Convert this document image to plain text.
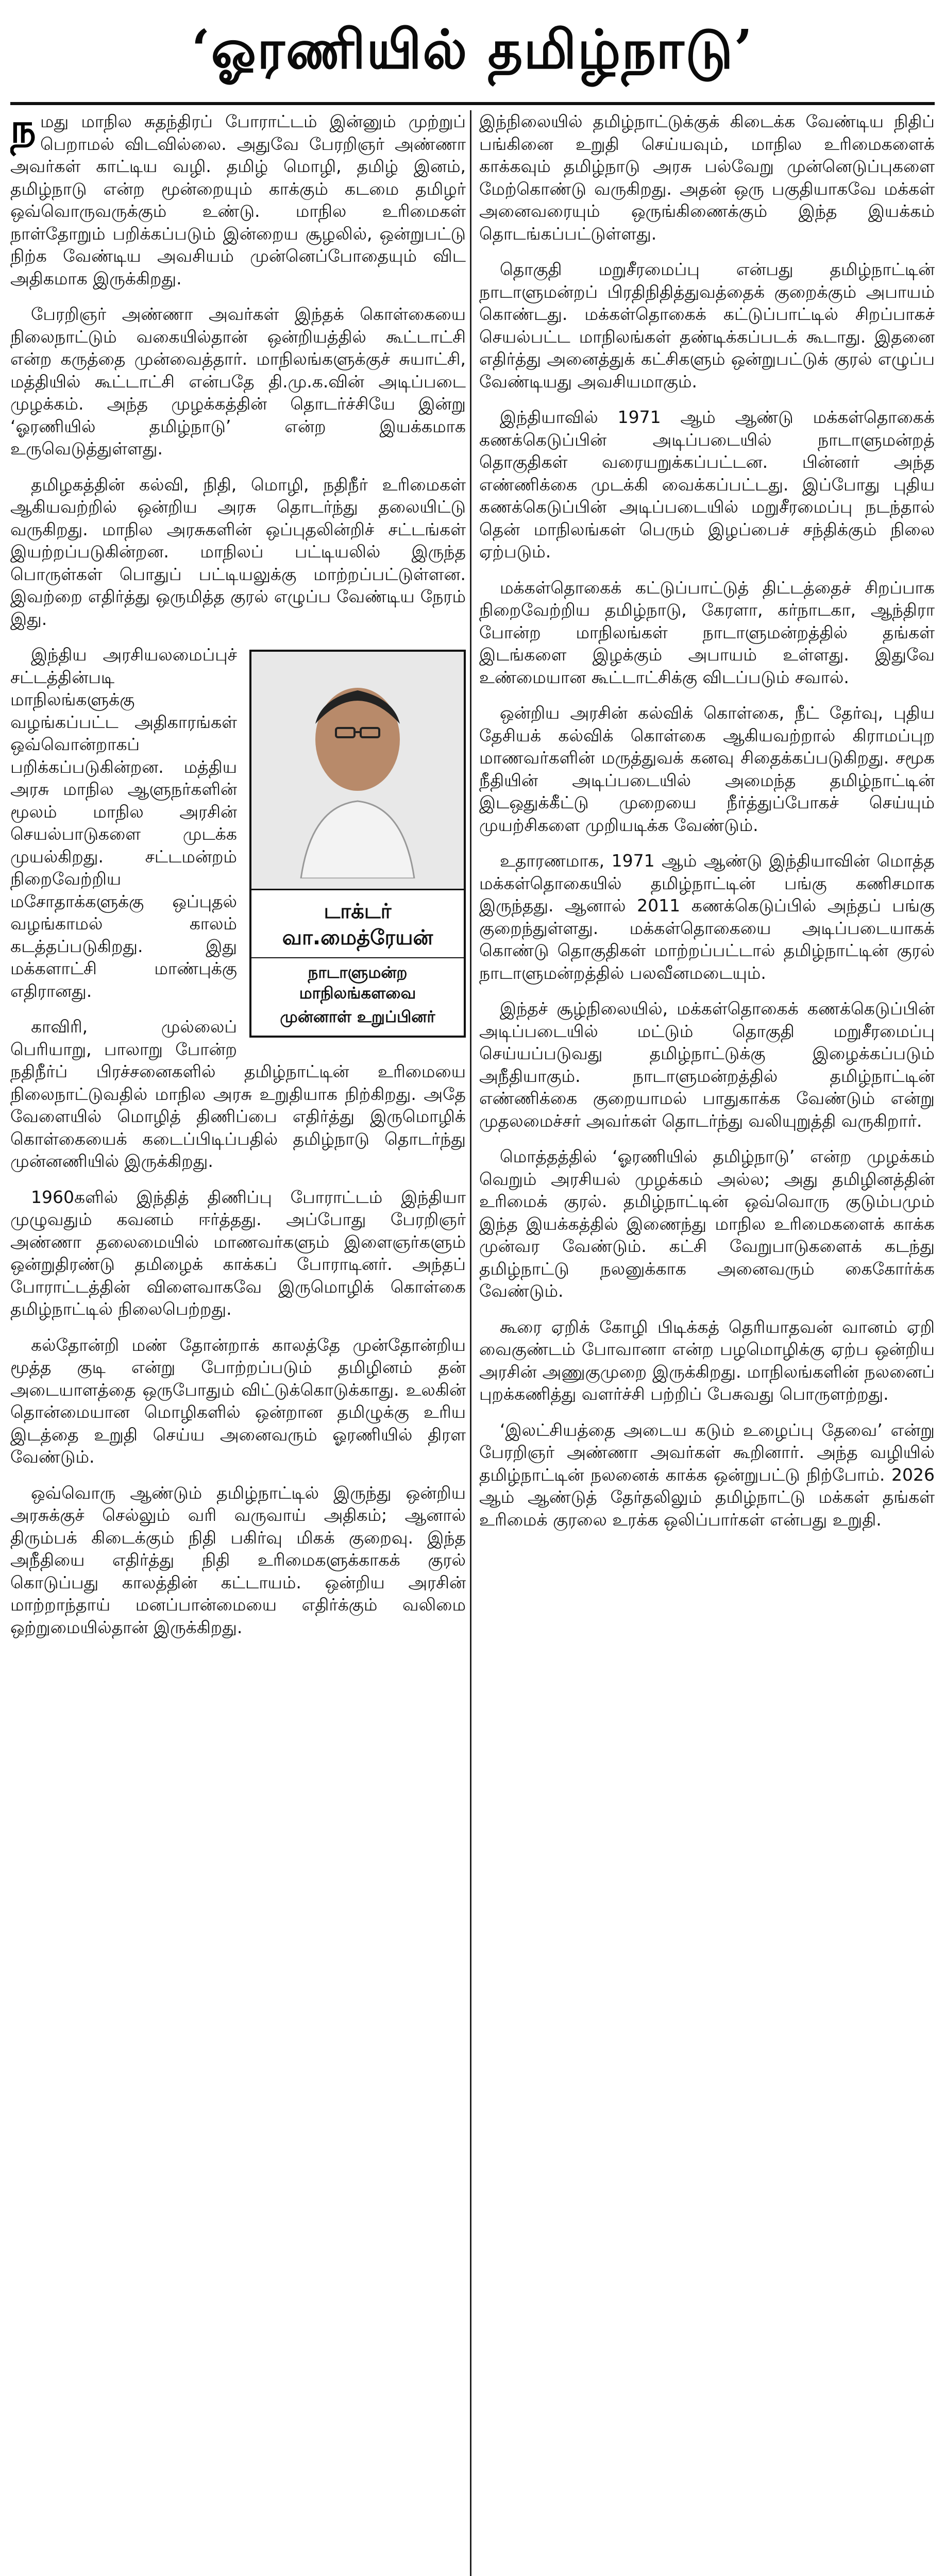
‘ஓரணியில் தமிழ்நாடு’

நமது மாநில சுதந்திரப் போராட்டம் இன்னும் முற்றுப் பெறாமல் விடவில்லை. அதுவே பேரறிஞர் அண்ணா அவர்கள் காட்டிய வழி. தமிழ் மொழி, தமிழ் இனம், தமிழ்நாடு என்ற மூன்றையும் காக்கும் கடமை தமிழர் ஒவ்வொருவருக்கும் உண்டு. மாநில உரிமைகள் நாள்தோறும் பறிக்கப்படும் இன்றைய சூழலில், ஒன்றுபட்டு நிற்க வேண்டிய அவசியம் முன்னெப்போதையும் விட அதிகமாக இருக்கிறது.

பேரறிஞர் அண்ணா அவர்கள் இந்தக் கொள்கையை நிலைநாட்டும் வகையில்தான் ஒன்றியத்தில் கூட்டாட்சி என்ற கருத்தை முன்வைத்தார். மாநிலங்களுக்குச் சுயாட்சி, மத்தியில் கூட்டாட்சி என்பதே தி.மு.க.வின் அடிப்படை முழக்கம். அந்த முழக்கத்தின் தொடர்ச்சியே இன்று ‘ஓரணியில் தமிழ்நாடு’ என்ற இயக்கமாக உருவெடுத்துள்ளது.

தமிழகத்தின் கல்வி, நிதி, மொழி, நதிநீர் உரிமைகள் ஆகியவற்றில் ஒன்றிய அரசு தொடர்ந்து தலையிட்டு வருகிறது. மாநில அரசுகளின் ஒப்புதலின்றிச் சட்டங்கள் இயற்றப்படுகின்றன. மாநிலப் பட்டியலில் இருந்த பொருள்கள் பொதுப் பட்டியலுக்கு மாற்றப்பட்டுள்ளன. இவற்றை எதிர்த்து ஒருமித்த குரல் எழுப்ப வேண்டிய நேரம் இது.

டாக்டர் வா.மைத்ரேயன்
நாடாளுமன்ற மாநிலங்களவை
முன்னாள் உறுப்பினர்

இந்திய அரசியலமைப்புச் சட்டத்தின்படி மாநிலங்களுக்கு வழங்கப்பட்ட அதிகாரங்கள் ஒவ்வொன்றாகப் பறிக்கப்படுகின்றன. மத்திய அரசு மாநில ஆளுநர்களின் மூலம் மாநில அரசின் செயல்பாடுகளை முடக்க முயல்கிறது. சட்டமன்றம் நிறைவேற்றிய மசோதாக்களுக்கு ஒப்புதல் வழங்காமல் காலம் கடத்தப்படுகிறது. இது மக்களாட்சி மாண்புக்கு எதிரானது.

காவிரி, முல்லைப் பெரியாறு, பாலாறு போன்ற நதிநீர்ப் பிரச்சனைகளில் தமிழ்நாட்டின் உரிமையை நிலைநாட்டுவதில் மாநில அரசு உறுதியாக நிற்கிறது. அதே வேளையில் மொழித் திணிப்பை எதிர்த்து இருமொழிக் கொள்கையைக் கடைப்பிடிப்பதில் தமிழ்நாடு தொடர்ந்து முன்னணியில் இருக்கிறது.

1960களில் இந்தித் திணிப்பு போராட்டம் இந்தியா முழுவதும் கவனம் ஈர்த்தது. அப்போது பேரறிஞர் அண்ணா தலைமையில் மாணவர்களும் இளைஞர்களும் ஒன்றுதிரண்டு தமிழைக் காக்கப் போராடினர். அந்தப் போராட்டத்தின் விளைவாகவே இருமொழிக் கொள்கை தமிழ்நாட்டில் நிலைபெற்றது.

கல்தோன்றி மண் தோன்றாக் காலத்தே முன்தோன்றிய மூத்த குடி என்று போற்றப்படும் தமிழினம் தன் அடையாளத்தை ஒருபோதும் விட்டுக்கொடுக்காது. உலகின் தொன்மையான மொழிகளில் ஒன்றான தமிழுக்கு உரிய இடத்தை உறுதி செய்ய அனைவரும் ஓரணியில் திரள வேண்டும்.

ஒவ்வொரு ஆண்டும் தமிழ்நாட்டில் இருந்து ஒன்றிய அரசுக்குச் செல்லும் வரி வருவாய் அதிகம்; ஆனால் திரும்பக் கிடைக்கும் நிதி பகிர்வு மிகக் குறைவு. இந்த அநீதியை எதிர்த்து நிதி உரிமைகளுக்காகக் குரல் கொடுப்பது காலத்தின் கட்டாயம். ஒன்றிய அரசின் மாற்றாந்தாய் மனப்பான்மையை எதிர்க்கும் வலிமை ஒற்றுமையில்தான் இருக்கிறது.

இந்நிலையில் தமிழ்நாட்டுக்குக் கிடைக்க வேண்டிய நிதிப் பங்கினை உறுதி செய்யவும், மாநில உரிமைகளைக் காக்கவும் தமிழ்நாடு அரசு பல்வேறு முன்னெடுப்புகளை மேற்கொண்டு வருகிறது. அதன் ஒரு பகுதியாகவே மக்கள் அனைவரையும் ஒருங்கிணைக்கும் இந்த இயக்கம் தொடங்கப்பட்டுள்ளது.

தொகுதி மறுசீரமைப்பு என்பது தமிழ்நாட்டின் நாடாளுமன்றப் பிரதிநிதித்துவத்தைக் குறைக்கும் அபாயம் கொண்டது. மக்கள்தொகைக் கட்டுப்பாட்டில் சிறப்பாகச் செயல்பட்ட மாநிலங்கள் தண்டிக்கப்படக் கூடாது. இதனை எதிர்த்து அனைத்துக் கட்சிகளும் ஒன்றுபட்டுக் குரல் எழுப்ப வேண்டியது அவசியமாகும்.

இந்தியாவில் 1971 ஆம் ஆண்டு மக்கள்தொகைக் கணக்கெடுப்பின் அடிப்படையில் நாடாளுமன்றத் தொகுதிகள் வரையறுக்கப்பட்டன. பின்னர் அந்த எண்ணிக்கை முடக்கி வைக்கப்பட்டது. இப்போது புதிய கணக்கெடுப்பின் அடிப்படையில் மறுசீரமைப்பு நடந்தால் தென் மாநிலங்கள் பெரும் இழப்பைச் சந்திக்கும் நிலை ஏற்படும்.

மக்கள்தொகைக் கட்டுப்பாட்டுத் திட்டத்தைச் சிறப்பாக நிறைவேற்றிய தமிழ்நாடு, கேரளா, கர்நாடகா, ஆந்திரா போன்ற மாநிலங்கள் நாடாளுமன்றத்தில் தங்கள் இடங்களை இழக்கும் அபாயம் உள்ளது. இதுவே உண்மையான கூட்டாட்சிக்கு விடப்படும் சவால்.

ஒன்றிய அரசின் கல்விக் கொள்கை, நீட் தேர்வு, புதிய தேசியக் கல்விக் கொள்கை ஆகியவற்றால் கிராமப்புற மாணவர்களின் மருத்துவக் கனவு சிதைக்கப்படுகிறது. சமூக நீதியின் அடிப்படையில் அமைந்த தமிழ்நாட்டின் இடஒதுக்கீட்டு முறையை நீர்த்துப்போகச் செய்யும் முயற்சிகளை முறியடிக்க வேண்டும்.

உதாரணமாக, 1971 ஆம் ஆண்டு இந்தியாவின் மொத்த மக்கள்தொகையில் தமிழ்நாட்டின் பங்கு கணிசமாக இருந்தது. ஆனால் 2011 கணக்கெடுப்பில் அந்தப் பங்கு குறைந்துள்ளது. மக்கள்தொகையை அடிப்படையாகக் கொண்டு தொகுதிகள் மாற்றப்பட்டால் தமிழ்நாட்டின் குரல் நாடாளுமன்றத்தில் பலவீனமடையும்.

இந்தச் சூழ்நிலையில், மக்கள்தொகைக் கணக்கெடுப்பின் அடிப்படையில் மட்டும் தொகுதி மறுசீரமைப்பு செய்யப்படுவது தமிழ்நாட்டுக்கு இழைக்கப்படும் அநீதியாகும். நாடாளுமன்றத்தில் தமிழ்நாட்டின் எண்ணிக்கை குறையாமல் பாதுகாக்க வேண்டும் என்று முதலமைச்சர் அவர்கள் தொடர்ந்து வலியுறுத்தி வருகிறார்.

மொத்தத்தில் ‘ஓரணியில் தமிழ்நாடு’ என்ற முழக்கம் வெறும் அரசியல் முழக்கம் அல்ல; அது தமிழினத்தின் உரிமைக் குரல். தமிழ்நாட்டின் ஒவ்வொரு குடும்பமும் இந்த இயக்கத்தில் இணைந்து மாநில உரிமைகளைக் காக்க முன்வர வேண்டும். கட்சி வேறுபாடுகளைக் கடந்து தமிழ்நாட்டு நலனுக்காக அனைவரும் கைகோர்க்க வேண்டும்.

கூரை ஏறிக் கோழி பிடிக்கத் தெரியாதவன் வானம் ஏறி வைகுண்டம் போவானா என்ற பழமொழிக்கு ஏற்ப ஒன்றிய அரசின் அணுகுமுறை இருக்கிறது. மாநிலங்களின் நலனைப் புறக்கணித்து வளர்ச்சி பற்றிப் பேசுவது பொருளற்றது.

‘இலட்சியத்தை அடைய கடும் உழைப்பு தேவை’ என்று பேரறிஞர் அண்ணா அவர்கள் கூறினார். அந்த வழியில் தமிழ்நாட்டின் நலனைக் காக்க ஒன்றுபட்டு நிற்போம். 2026 ஆம் ஆண்டுத் தேர்தலிலும் தமிழ்நாட்டு மக்கள் தங்கள் உரிமைக் குரலை உரக்க ஒலிப்பார்கள் என்பது உறுதி.
